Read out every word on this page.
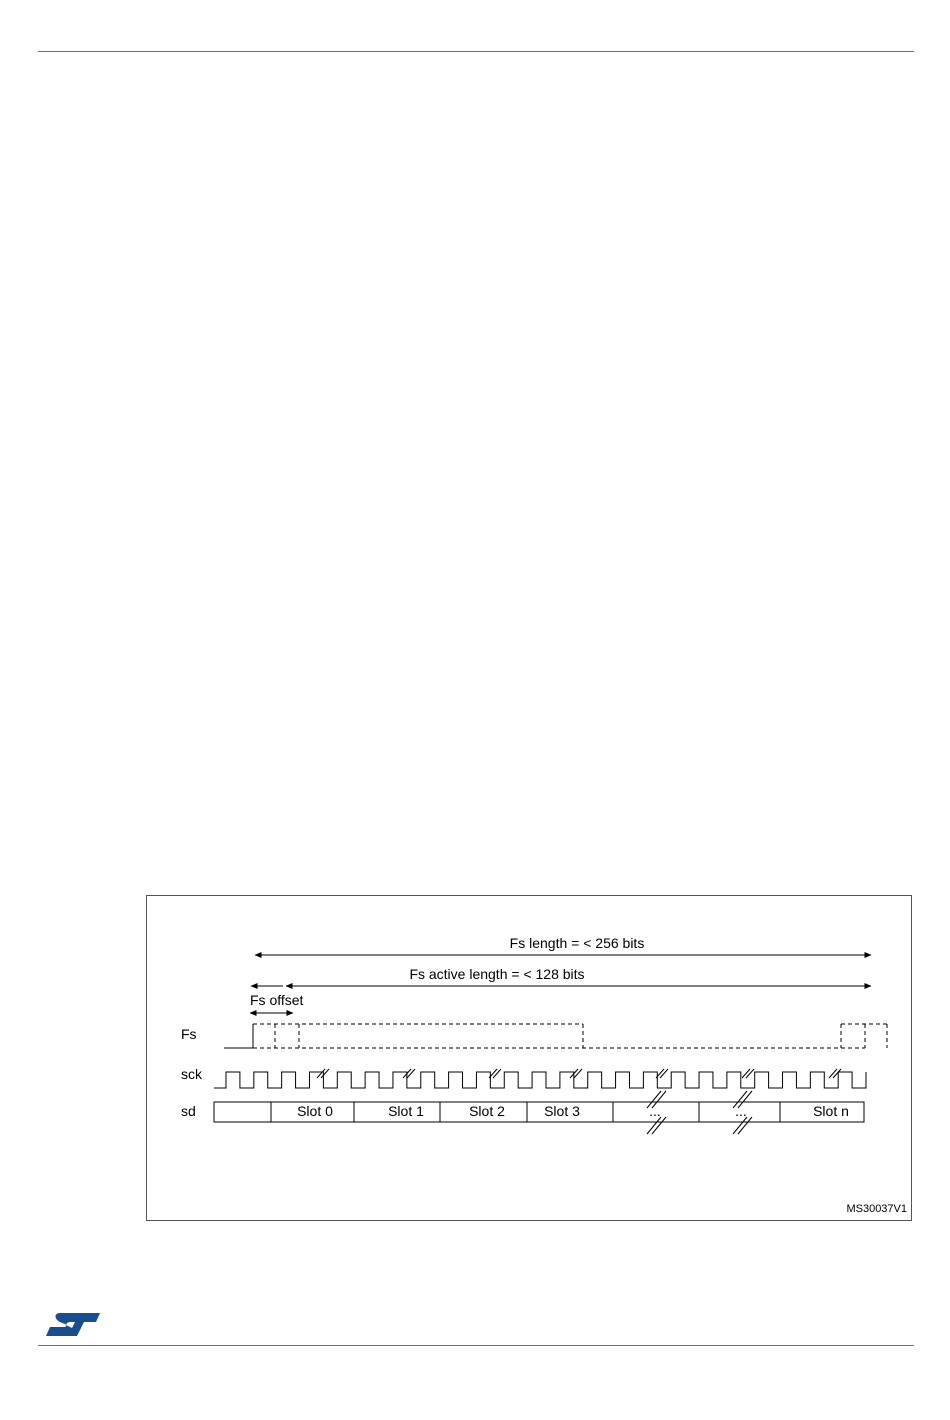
Fs length = < 256 bits
Fs active length = < 128 bits
Fs offset
Fs
sck
sd	Slot 0	Slot 1	Slot 2	Slot 3	...	...	Slot n
MS30037V1
